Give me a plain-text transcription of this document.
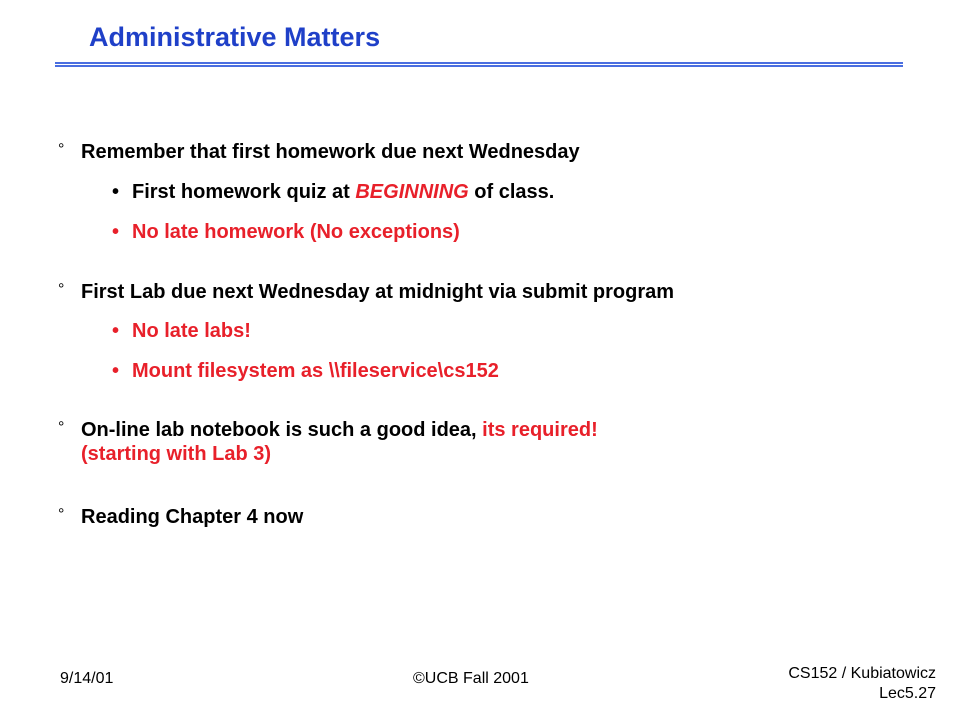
Administrative Matters
° Remember that first homework due next Wednesday
• First homework quiz at BEGINNING of class.
• No late homework (No exceptions)
° First Lab due next Wednesday at midnight via submit program
• No late labs!
• Mount filesystem as \\fileservice\cs152
° On-line lab notebook is such a good idea, its required!
(starting with Lab 3)
° Reading Chapter 4 now
9/14/01	©UCB Fall 2001	CS152 / Kubiatowicz
Lec5.27
